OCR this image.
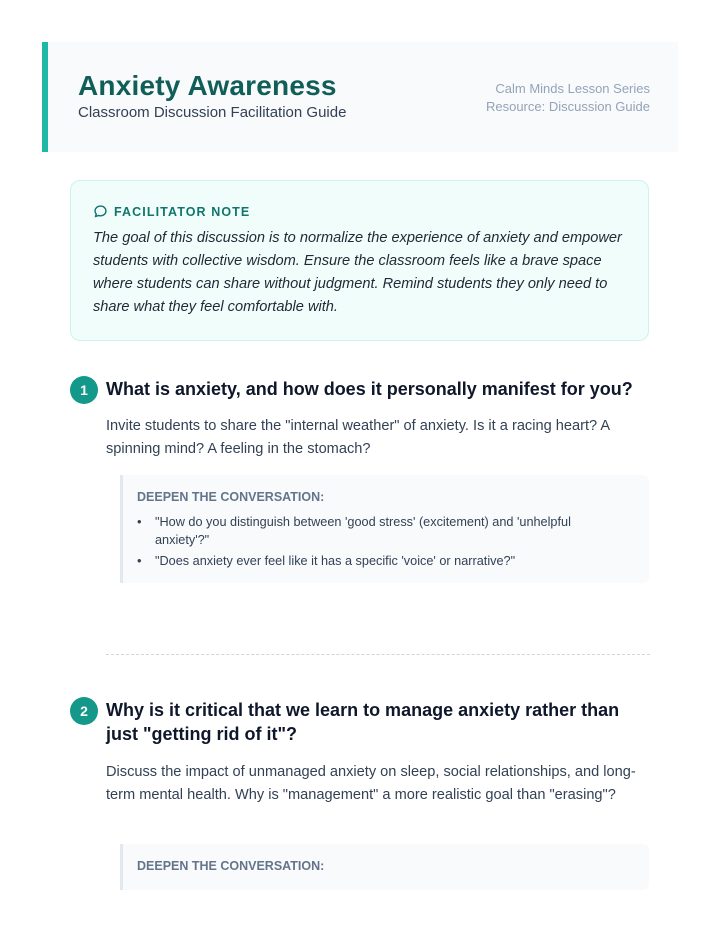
Anxiety Awareness
Classroom Discussion Facilitation Guide
Calm Minds Lesson Series
Resource: Discussion Guide
FACILITATOR NOTE
The goal of this discussion is to normalize the experience of anxiety and empower students with collective wisdom. Ensure the classroom feels like a brave space where students can share without judgment. Remind students they only need to share what they feel comfortable with.
1	What is anxiety, and how does it personally manifest for you?
Invite students to share the "internal weather" of anxiety. Is it a racing heart? A spinning mind? A feeling in the stomach?
DEEPEN THE CONVERSATION:
• "How do you distinguish between 'good stress' (excitement) and 'unhelpful anxiety'?"
• "Does anxiety ever feel like it has a specific 'voice' or narrative?"
2	Why is it critical that we learn to manage anxiety rather than just "getting rid of it"?
Discuss the impact of unmanaged anxiety on sleep, social relationships, and long-term mental health. Why is "management" a more realistic goal than "erasing"?
DEEPEN THE CONVERSATION:
